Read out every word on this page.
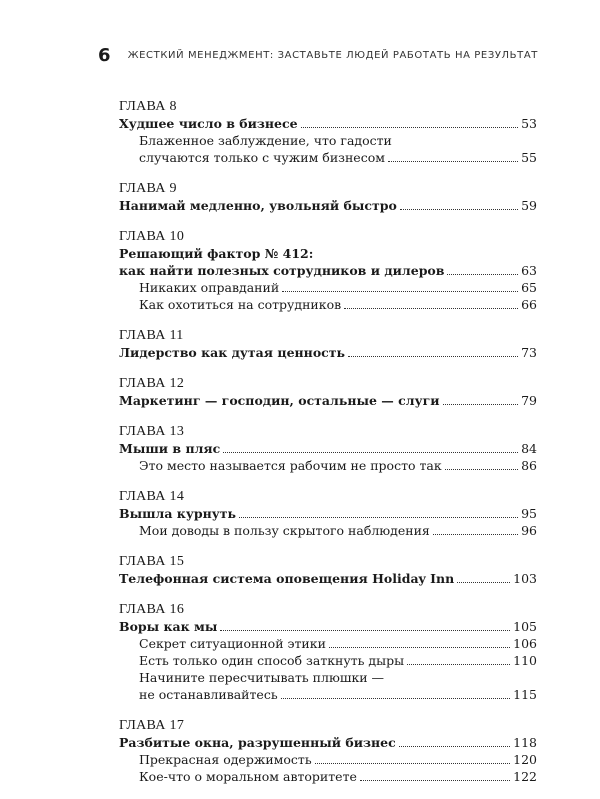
6 ЖЕСТКИЙ МЕНЕДЖМЕНТ: ЗАСТАВЬТЕ ЛЮДЕЙ РАБОТАТЬ НА РЕЗУЛЬТАТ
ГЛАВА 8
Худшее число в бизнесе	53
Блаженное заблуждение, что гадости
случаются только с чужим бизнесом	55
ГЛАВА 9
Нанимай медленно, увольняй быстро	59
ГЛАВА 10
Решающий фактор № 412:
как найти полезных сотрудников и дилеров	63
Никаких оправданий	65
Как охотиться на сотрудников	66
ГЛАВА 11
Лидерство как дутая ценность	73
ГЛАВА 12
Маркетинг — господин, остальные — слуги	79
ГЛАВА 13
Мыши в пляс	84
Это место называется рабочим не просто так	86
ГЛАВА 14
Вышла курнуть	95
Мои доводы в пользу скрытого наблюдения	96
ГЛАВА 15
Телефонная система оповещения Holiday Inn	103
ГЛАВА 16
Воры как мы	105
Секрет ситуационной этики	106
Есть только один способ заткнуть дыры	110
Начините пересчитывать плюшки —
не останавливайтесь	115
ГЛАВА 17
Разбитые окна, разрушенный бизнес	118
Прекрасная одержимость	120
Кое-что о моральном авторитете	122
